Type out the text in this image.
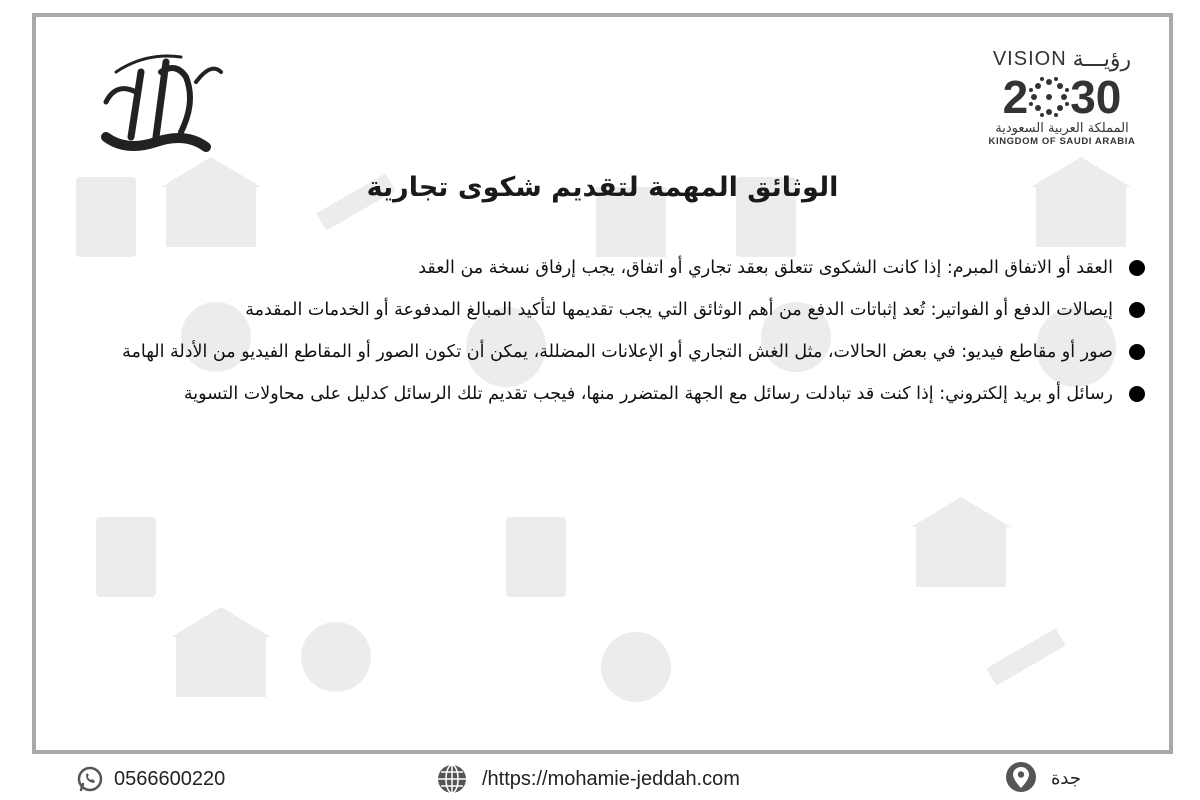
VISION رؤيـــة
2 30
المملكة العربية السعودية
KINGDOM OF SAUDI ARABIA
الوثائق المهمة لتقديم شكوى تجارية
العقد أو الاتفاق المبرم: إذا كانت الشكوى تتعلق بعقد تجاري أو اتفاق، يجب إرفاق نسخة من العقد
إيصالات الدفع أو الفواتير: تُعد إثباتات الدفع من أهم الوثائق التي يجب تقديمها لتأكيد المبالغ المدفوعة أو الخدمات المقدمة
صور أو مقاطع فيديو: في بعض الحالات، مثل الغش التجاري أو الإعلانات المضللة، يمكن أن تكون الصور أو المقاطع الفيديو من الأدلة الهامة
رسائل أو بريد إلكتروني: إذا كنت قد تبادلت رسائل مع الجهة المتضرر منها، فيجب تقديم تلك الرسائل كدليل على محاولات التسوية
0566600220	/https://mohamie-jeddah.com	جدة
